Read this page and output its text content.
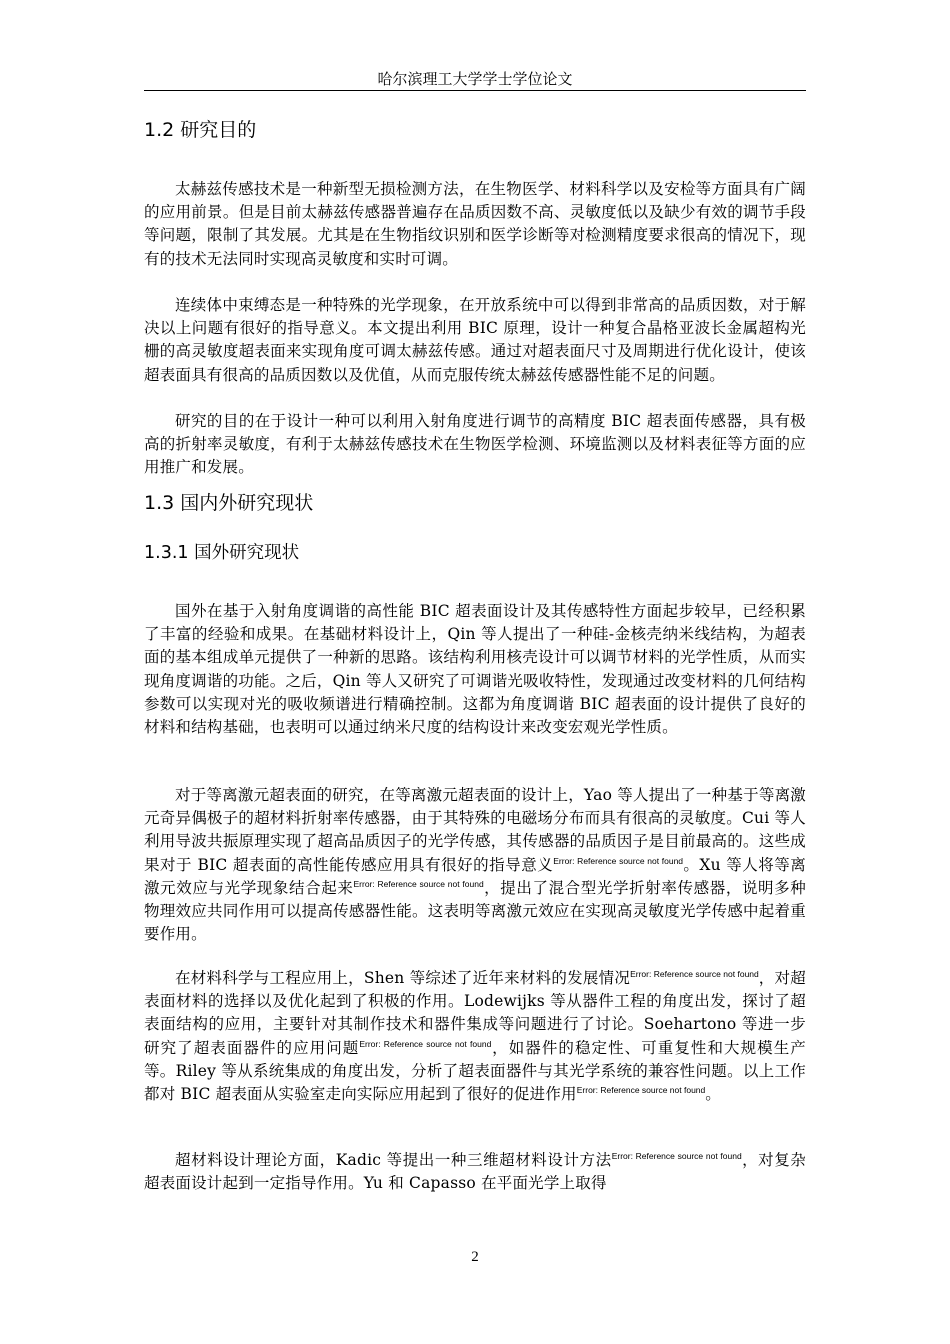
哈尔滨理工大学学士学位论文
1.2 研究目的

太赫兹传感技术是一种新型无损检测方法，在生物医学、材料科学以及安检等方面具有广阔的应用前景。但是目前太赫兹传感器普遍存在品质因数不高、灵敏度低以及缺少有效的调节手段等问题，限制了其发展。尤其是在生物指纹识别和医学诊断等对检测精度要求很高的情况下，现有的技术无法同时实现高灵敏度和实时可调。

连续体中束缚态是一种特殊的光学现象，在开放系统中可以得到非常高的品质因数，对于解决以上问题有很好的指导意义。本文提出利用 BIC 原理，设计一种复合晶格亚波长金属超构光栅的高灵敏度超表面来实现角度可调太赫兹传感。通过对超表面尺寸及周期进行优化设计，使该超表面具有很高的品质因数以及优值，从而克服传统太赫兹传感器性能不足的问题。

研究的目的在于设计一种可以利用入射角度进行调节的高精度 BIC 超表面传感器，具有极高的折射率灵敏度，有利于太赫兹传感技术在生物医学检测、环境监测以及材料表征等方面的应用推广和发展。

1.3 国内外研究现状
1.3.1 国外研究现状

国外在基于入射角度调谐的高性能 BIC 超表面设计及其传感特性方面起步较早，已经积累了丰富的经验和成果。在基础材料设计上，Qin 等人提出了一种硅-金核壳纳米线结构，为超表面的基本组成单元提供了一种新的思路。该结构利用核壳设计可以调节材料的光学性质，从而实现角度调谐的功能。之后，Qin 等人又研究了可调谐光吸收特性，发现通过改变材料的几何结构参数可以实现对光的吸收频谱进行精确控制。这都为角度调谐 BIC 超表面的设计提供了良好的材料和结构基础，也表明可以通过纳米尺度的结构设计来改变宏观光学性质。

对于等离激元超表面的研究，在等离激元超表面的设计上，Yao 等人提出了一种基于等离激元奇异偶极子的超材料折射率传感器，由于其特殊的电磁场分布而具有很高的灵敏度。Cui 等人利用导波共振原理实现了超高品质因子的光学传感，其传感器的品质因子是目前最高的。这些成果对于 BIC 超表面的高性能传感应用具有很好的指导意义$^{Error: Reference source not found}$。Xu 等人将等离激元效应与光学现象结合起来$^{Error: Reference source not found}$，提出了混合型光学折射率传感器，说明多种物理效应共同作用可以提高传感器性能。这表明等离激元效应在实现高灵敏度光学传感中起着重要作用。

在材料科学与工程应用上，Shen 等综述了近年来材料的发展情况$^{Error: Reference source not found}$，对超表面材料的选择以及优化起到了积极的作用。Lodewijks 等从器件工程的角度出发，探讨了超表面结构的应用，主要针对其制作技术和器件集成等问题进行了讨论。Soehartono 等进一步研究了超表面器件的应用问题$^{Error: Reference source not found}$，如器件的稳定性、可重复性和大规模生产等。Riley 等从系统集成的角度出发，分析了超表面器件与其光学系统的兼容性问题。以上工作都对 BIC 超表面从实验室走向实际应用起到了很好的促进作用$^{Error: Reference source not found}$。

超材料设计理论方面，Kadic 等提出一种三维超材料设计方法$^{Error: Reference source not found}$，对复杂超表面设计起到一定指导作用。Yu 和 Capasso 在平面光学上取得

2
